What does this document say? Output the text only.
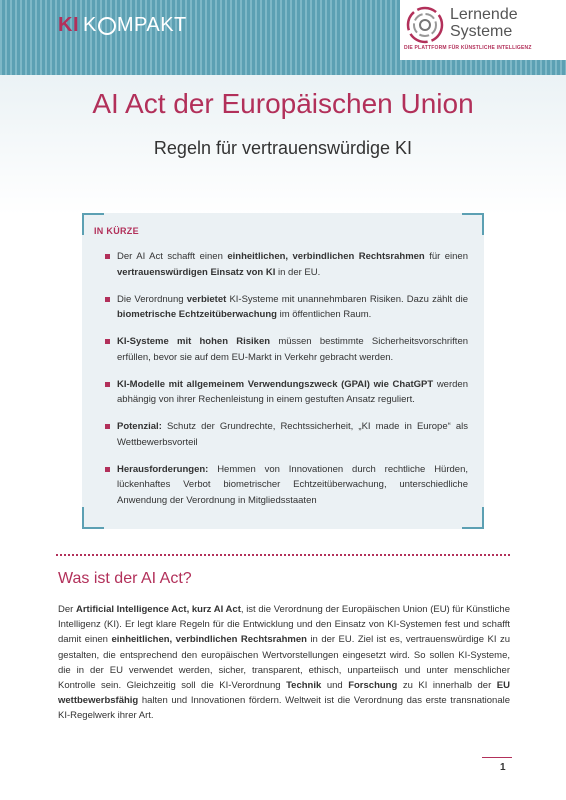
KI K MPAKT	Lernende
Systeme
DIE PLATTFORM FÜR KÜNSTLICHE INTELLIGENZ
AI Act der Europäischen Union
Regeln für vertrauenswürdige KI
IN KÜRZE
Der AI Act schafft einen einheitlichen, verbindlichen Rechtsrahmen für einen vertrauenswürdigen Einsatz von KI in der EU.
Die Verordnung verbietet KI-Systeme mit unannehmbaren Risiken. Dazu zählt die biometrische Echtzeitüberwachung im öffentlichen Raum.
KI-Systeme mit hohen Risiken müssen bestimmte Sicherheitsvorschriften erfüllen, bevor sie auf dem EU-Markt in Verkehr gebracht werden.
KI-Modelle mit allgemeinem Verwendungszweck (GPAI) wie ChatGPT werden abhängig von ihrer Rechenleistung in einem gestuften Ansatz reguliert.
Potenzial: Schutz der Grundrechte, Rechtssicherheit, „KI made in Europe“ als Wettbewerbsvorteil
Herausforderungen: Hemmen von Innovationen durch rechtliche Hürden, lückenhaftes Verbot biometrischer Echtzeitüberwachung, unterschiedliche Anwendung der Verordnung in Mitgliedsstaaten
Was ist der AI Act?

Der Artificial Intelligence Act, kurz AI Act, ist die Verordnung der Europäischen Union (EU) für Künstliche Intelligenz (KI). Er legt klare Regeln für die Entwicklung und den Einsatz von KI-Systemen fest und schafft damit einen einheitlichen, verbindlichen Rechtsrahmen in der EU. Ziel ist es, vertrauenswürdige KI zu gestalten, die entsprechend den europäischen Wertvorstellungen eingesetzt wird. So sollen KI-Systeme, die in der EU verwendet werden, sicher, transparent, ethisch, unparteiisch und unter menschlicher Kontrolle sein. Gleichzeitig soll die KI-Verordnung Technik und Forschung zu KI innerhalb der EU wettbewerbsfähig halten und Innovationen fördern. Weltweit ist die Verordnung das erste transnationale KI-Regelwerk ihrer Art.

1
